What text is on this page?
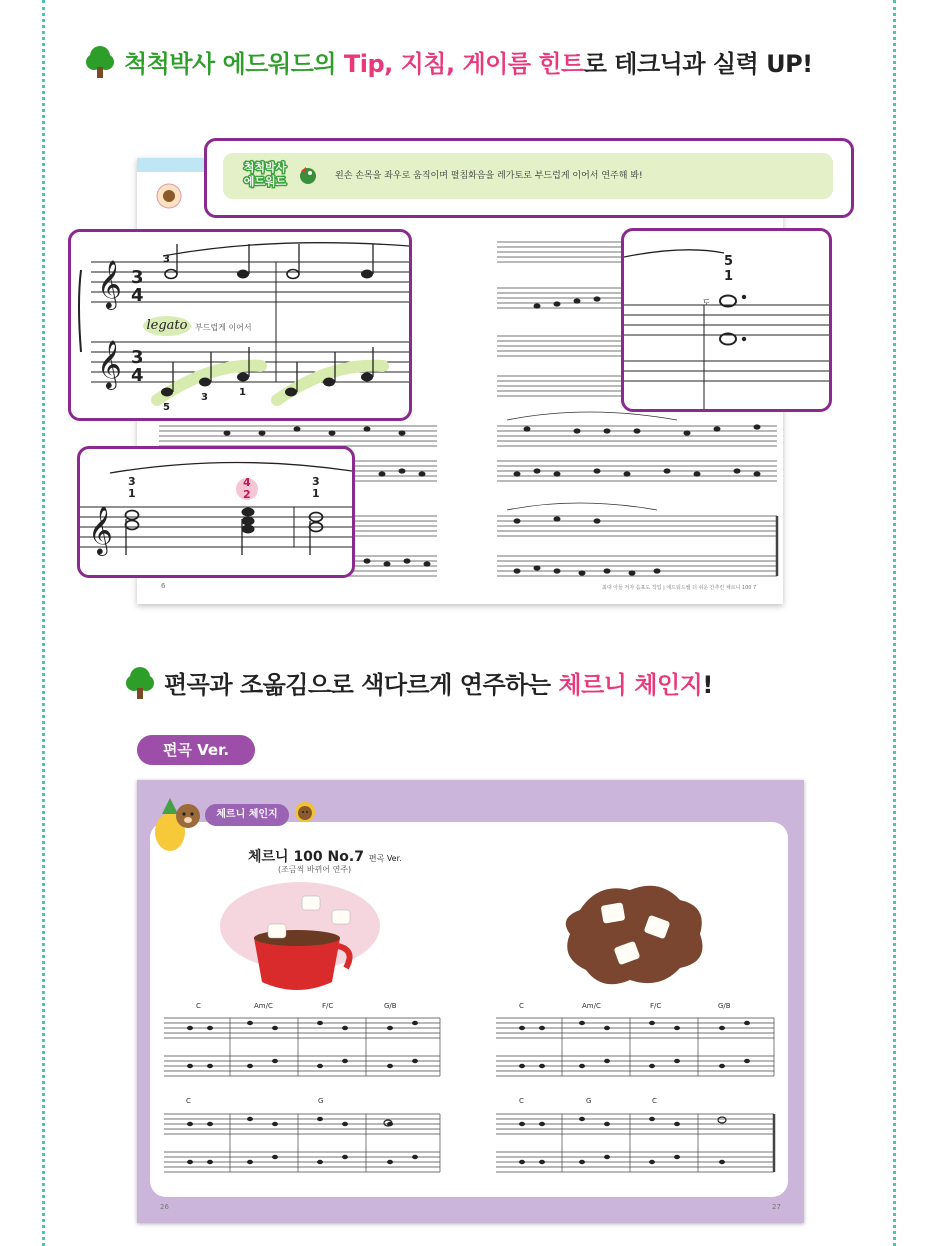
척척박사 에드워드의 Tip, 지침, 게이름 힌트로 테크닉과 실력 UP!
6	최대 아들 저자 음표도 작업 | 에드워드쌤 더 쉬운 간추린 체르니 100 7
척척박사 에드워드	왼손 손목을 좌우로 움직이며 펼침화음을 레가토로 부드럽게 이어서 연주해 봐!
𝄞
𝄞
3
4
3
4
3
5
3	1
legato 부드럽게 이어서
5
1
도
𝄞
3
1
4
2
3
1
편곡과 조옮김으로 색다르게 연주하는 체르니 체인지!
편곡 Ver.
체르니 체인지
체르니 100 No.7 편곡 Ver.
(조금씩 바뀌어 연주)
C	Am/C	F/C	G/B	C	Am/C	F/C	G/B
C	G	C	G	C
26	27
